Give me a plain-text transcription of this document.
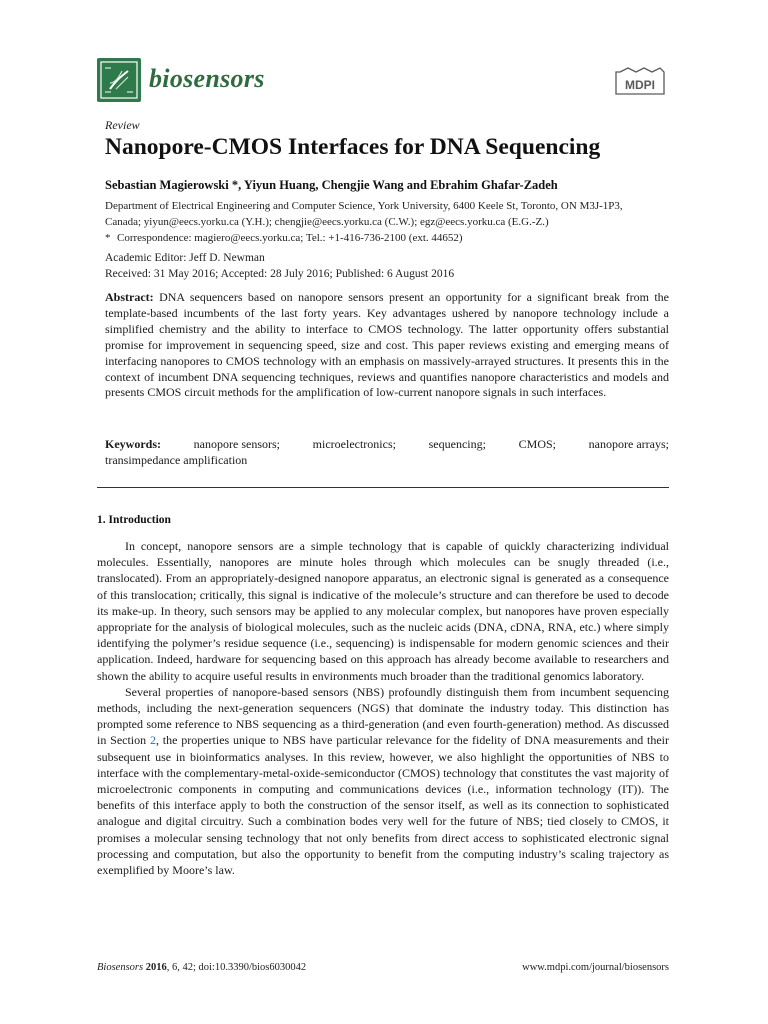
biosensors	MDPI
Review
Nanopore-CMOS Interfaces for DNA Sequencing
Sebastian Magierowski *, Yiyun Huang, Chengjie Wang and Ebrahim Ghafar-Zadeh
Department of Electrical Engineering and Computer Science, York University, 6400 Keele St, Toronto, ON M3J-1P3,
Canada; yiyun@eecs.yorku.ca (Y.H.); chengjie@eecs.yorku.ca (C.W.); egz@eecs.yorku.ca (E.G.-Z.)
* Correspondence: magiero@eecs.yorku.ca; Tel.: +1-416-736-2100 (ext. 44652)
Academic Editor: Jeff D. Newman
Received: 31 May 2016; Accepted: 28 July 2016; Published: 6 August 2016
Abstract: DNA sequencers based on nanopore sensors present an opportunity for a significant break from the template-based incumbents of the last forty years. Key advantages ushered by nanopore technology include a simplified chemistry and the ability to interface to CMOS technology. The latter opportunity offers substantial promise for improvement in sequencing speed, size and cost. This paper reviews existing and emerging means of interfacing nanopores to CMOS technology with an emphasis on massively-arrayed structures. It presents this in the context of incumbent DNA sequencing techniques, reviews and quantifies nanopore characteristics and models and presents CMOS circuit methods for the amplification of low-current nanopore signals in such interfaces.
Keywords:	nanopore sensors;	microelectronics;	sequencing;	CMOS;	nanopore arrays;
transimpedance amplification
1. Introduction

In concept, nanopore sensors are a simple technology that is capable of quickly characterizing individual molecules. Essentially, nanopores are minute holes through which molecules can be snugly threaded (i.e., translocated). From an appropriately-designed nanopore apparatus, an electronic signal is generated as a consequence of this translocation; critically, this signal is indicative of the molecule’s structure and can therefore be used to decode its make-up. In theory, such sensors may be applied to any molecular complex, but nanopores have proven especially appropriate for the analysis of biological molecules, such as the nucleic acids (DNA, cDNA, RNA, etc.) where simply identifying the polymer’s residue sequence (i.e., sequencing) is indispensable for modern genomic sciences and their application. Indeed, hardware for sequencing based on this approach has already become available to researchers and shown the ability to acquire useful results in environments much broader than the traditional genomics laboratory.

Several properties of nanopore-based sensors (NBS) profoundly distinguish them from incumbent sequencing methods, including the next-generation sequencers (NGS) that dominate the industry today. This distinction has prompted some reference to NBS sequencing as a third-generation (and even fourth-generation) method. As discussed in Section 2, the properties unique to NBS have particular relevance for the fidelity of DNA measurements and their subsequent use in bioinformatics analyses. In this review, however, we also highlight the opportunities of NBS to interface with the complementary-metal-oxide-semiconductor (CMOS) technology that constitutes the vast majority of microelectronic components in computing and communications devices (i.e., information technology (IT)). The benefits of this interface apply to both the construction of the sensor itself, as well as its connection to sophisticated analogue and digital circuitry. Such a combination bodes very well for the future of NBS; tied closely to CMOS, it promises a molecular sensing technology that not only benefits from direct access to sophisticated electronic signal processing and computation, but also the opportunity to benefit from the computing industry’s scaling trajectory as exemplified by Moore’s law.

Biosensors 2016, 6, 42; doi:10.3390/bios6030042	www.mdpi.com/journal/biosensors
